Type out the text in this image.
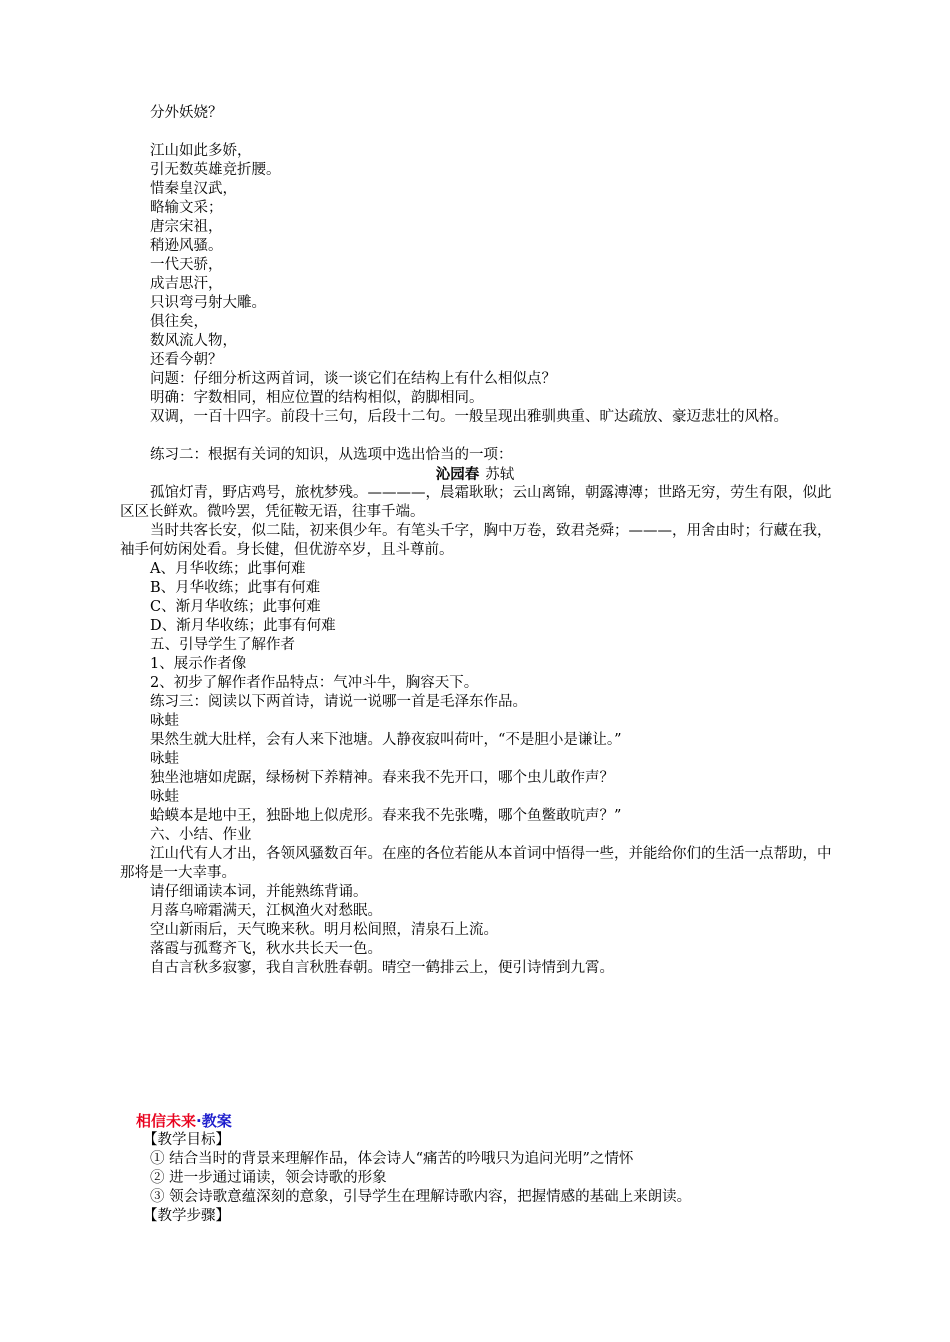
分外妖娆？
江山如此多娇，
引无数英雄竞折腰。
惜秦皇汉武，
略输文采；
唐宗宋祖，
稍逊风骚。
一代天骄，
成吉思汗，
只识弯弓射大雕。
俱往矣，
数风流人物，
还看今朝？
问题：仔细分析这两首词，谈一谈它们在结构上有什么相似点？
明确：字数相同，相应位置的结构相似，韵脚相同。
双调，一百十四字。前段十三句，后段十二句。一般呈现出雅驯典重、旷达疏放、豪迈悲壮的风格。
练习二：根据有关词的知识，从选项中选出恰当的一项：
沁园春 苏轼
孤馆灯青，野店鸡号，旅枕梦残。————，晨霜耿耿；云山离锦，朝露漙漙；世路无穷，劳生有限，似此区区长鲜欢。微吟罢，凭征鞍无语，往事千端。
当时共客长安，似二陆，初来俱少年。有笔头千字，胸中万卷，致君尧舜；———，用舍由时；行藏在我，袖手何妨闲处看。身长健，但优游卒岁，且斗尊前。
A、月华收练；此事何难
B、月华收练；此事有何难
C、渐月华收练；此事何难
D、渐月华收练；此事有何难
五、引导学生了解作者
1、展示作者像
2、初步了解作者作品特点：气冲斗牛，胸容天下。
练习三：阅读以下两首诗，请说一说哪一首是毛泽东作品。
咏蛙
果然生就大肚样，会有人来下池塘。人静夜寂叫荷叶，“不是胆小是谦让。”
咏蛙
独坐池塘如虎踞，绿杨树下养精神。春来我不先开口，哪个虫儿敢作声？
咏蛙
蛤蟆本是地中王，独卧地上似虎形。春来我不先张嘴，哪个鱼鳖敢吭声？”
六、小结、作业
江山代有人才出，各领风骚数百年。在座的各位若能从本首词中悟得一些，并能给你们的生活一点帮助，中那将是一大幸事。
请仔细诵读本词，并能熟练背诵。
月落乌啼霜满天，江枫渔火对愁眠。
空山新雨后，天气晚来秋。明月松间照，清泉石上流。
落霞与孤鹜齐飞，秋水共长天一色。
自古言秋多寂寥，我自言秋胜春朝。晴空一鹤排云上，便引诗情到九霄。
相信未来·教案
【教学目标】
① 结合当时的背景来理解作品，体会诗人“痛苦的吟哦只为追问光明”之情怀
② 进一步通过诵读，领会诗歌的形象
③ 领会诗歌意蕴深刻的意象，引导学生在理解诗歌内容，把握情感的基础上来朗读。
【教学步骤】
